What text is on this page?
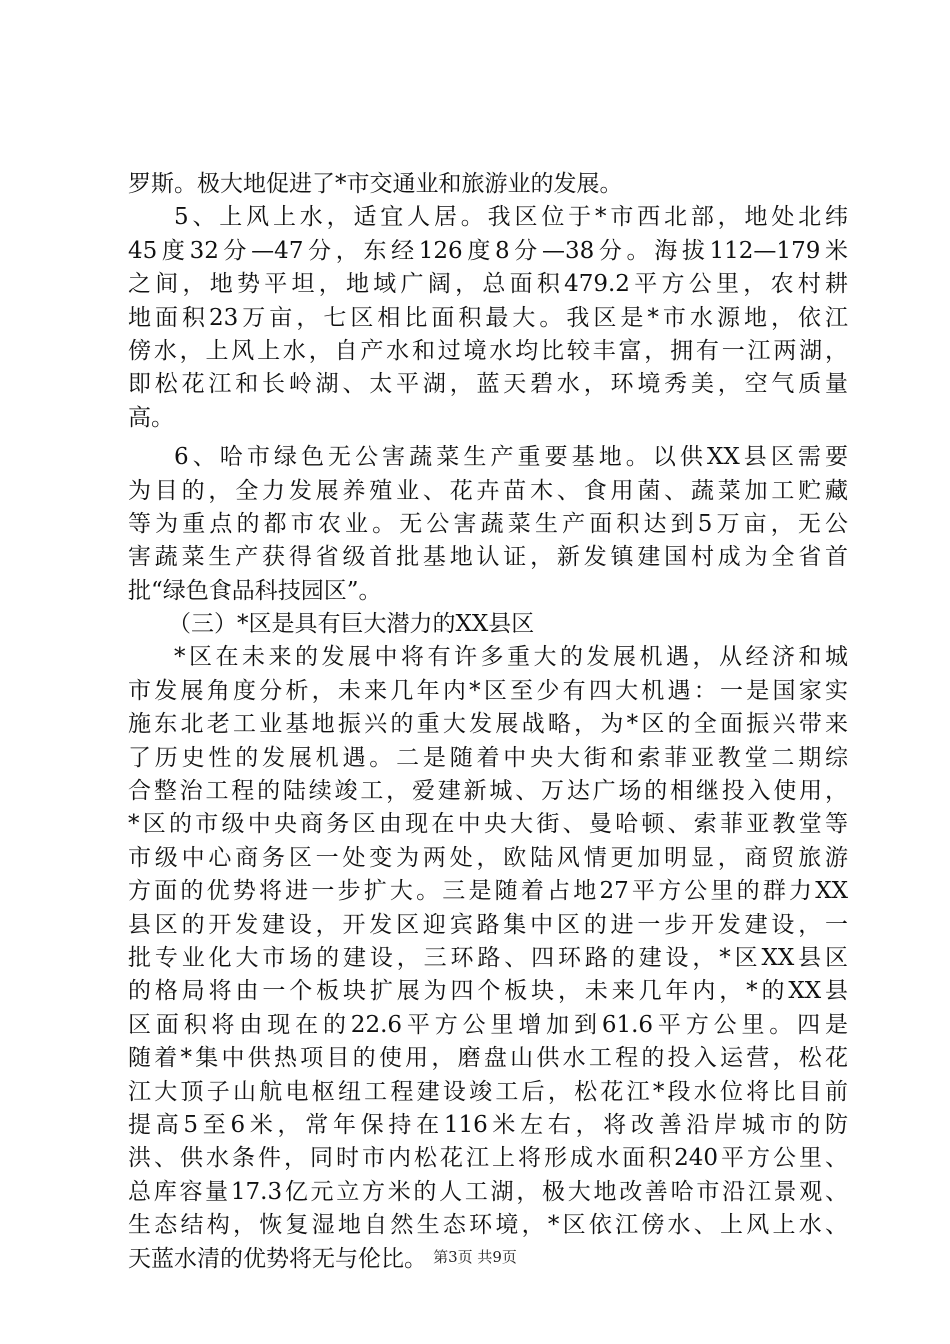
罗斯。极大地促进了*市交通业和旅游业的发展。
5、上风上水，适宜人居。我区位于*市西北部，地处北纬
45度32分—47分，东经126度8分—38分。海拔112—179米
之间，地势平坦，地域广阔，总面积479.2平方公里，农村耕
地面积23万亩，七区相比面积最大。我区是*市水源地，依江
傍水，上风上水，自产水和过境水均比较丰富，拥有一江两湖，
即松花江和长岭湖、太平湖，蓝天碧水，环境秀美，空气质量
高。
6、哈市绿色无公害蔬菜生产重要基地。以供XX县区需要
为目的，全力发展养殖业、花卉苗木、食用菌、蔬菜加工贮藏
等为重点的都市农业。无公害蔬菜生产面积达到5万亩，无公
害蔬菜生产获得省级首批基地认证，新发镇建国村成为全省首
批“绿色食品科技园区”。
（三）*区是具有巨大潜力的XX县区
*区在未来的发展中将有许多重大的发展机遇，从经济和城
市发展角度分析，未来几年内*区至少有四大机遇：一是国家实
施东北老工业基地振兴的重大发展战略，为*区的全面振兴带来
了历史性的发展机遇。二是随着中央大街和索菲亚教堂二期综
合整治工程的陆续竣工，爱建新城、万达广场的相继投入使用，
*区的市级中央商务区由现在中央大街、曼哈顿、索菲亚教堂等
市级中心商务区一处变为两处，欧陆风情更加明显，商贸旅游
方面的优势将进一步扩大。三是随着占地27平方公里的群力XX
县区的开发建设，开发区迎宾路集中区的进一步开发建设，一
批专业化大市场的建设，三环路、四环路的建设，*区XX县区
的格局将由一个板块扩展为四个板块，未来几年内，*的XX县
区面积将由现在的22.6平方公里增加到61.6平方公里。四是
随着*集中供热项目的使用，磨盘山供水工程的投入运营，松花
江大顶子山航电枢纽工程建设竣工后，松花江*段水位将比目前
提高5至6米，常年保持在116米左右，将改善沿岸城市的防
洪、供水条件，同时市内松花江上将形成水面积240平方公里、
总库容量17.3亿元立方米的人工湖，极大地改善哈市沿江景观、
生态结构，恢复湿地自然生态环境，*区依江傍水、上风上水、
天蓝水清的优势将无与伦比。 第3页 共9页
